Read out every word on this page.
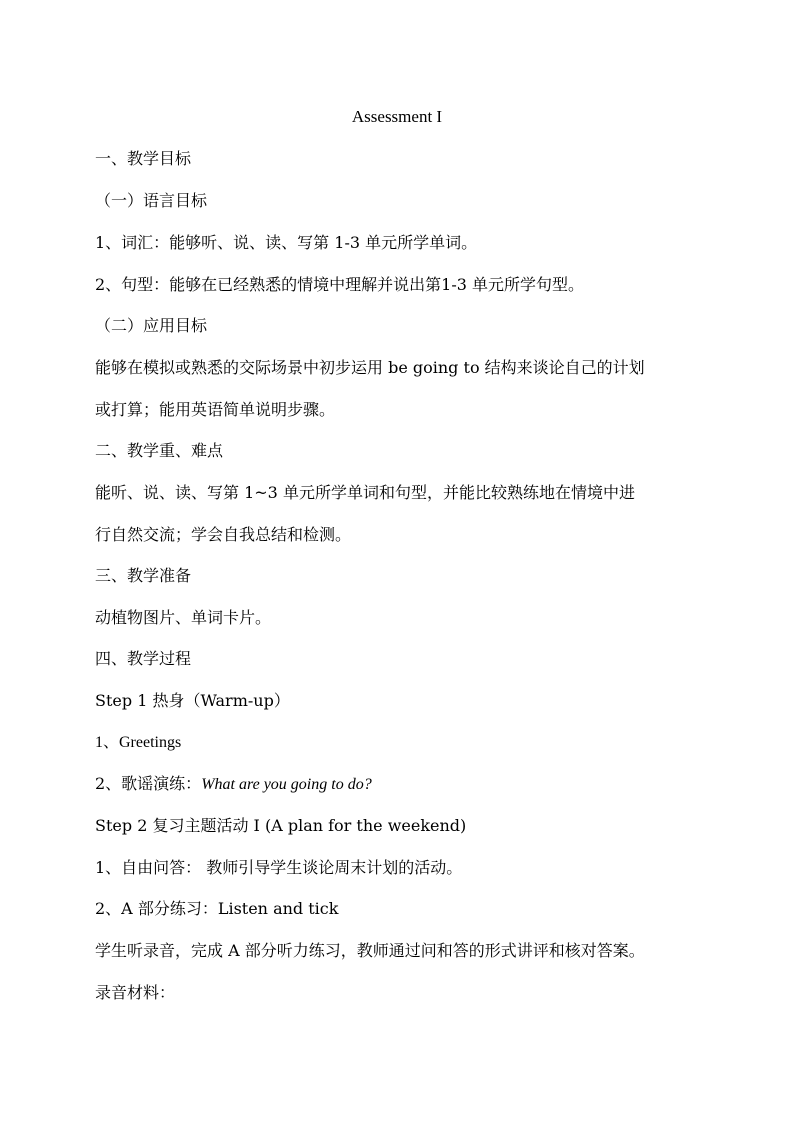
Assessment I
一、教学目标
（一）语言目标
1、词汇：能够听、说、读、写第 1-3 单元所学单词。
2、句型：能够在已经熟悉的情境中理解并说出第1-3 单元所学句型。
（二）应用目标
能够在模拟或熟悉的交际场景中初步运用 be going to 结构来谈论自己的计划
或打算；能用英语简单说明步骤。
二、教学重、难点
能听、说、读、写第 1~3 单元所学单词和句型，并能比较熟练地在情境中进
行自然交流；学会自我总结和检测。
三、教学准备
动植物图片、单词卡片。
四、教学过程
Step 1 热身（Warm-up）
1、Greetings
2、歌谣演练：What are you going to do?
Step 2 复习主题活动 I (A plan for the weekend)
1、自由问答： 教师引导学生谈论周末计划的活动。
2、A 部分练习：Listen and tick
学生听录音，完成 A 部分听力练习，教师通过问和答的形式讲评和核对答案。
录音材料：
